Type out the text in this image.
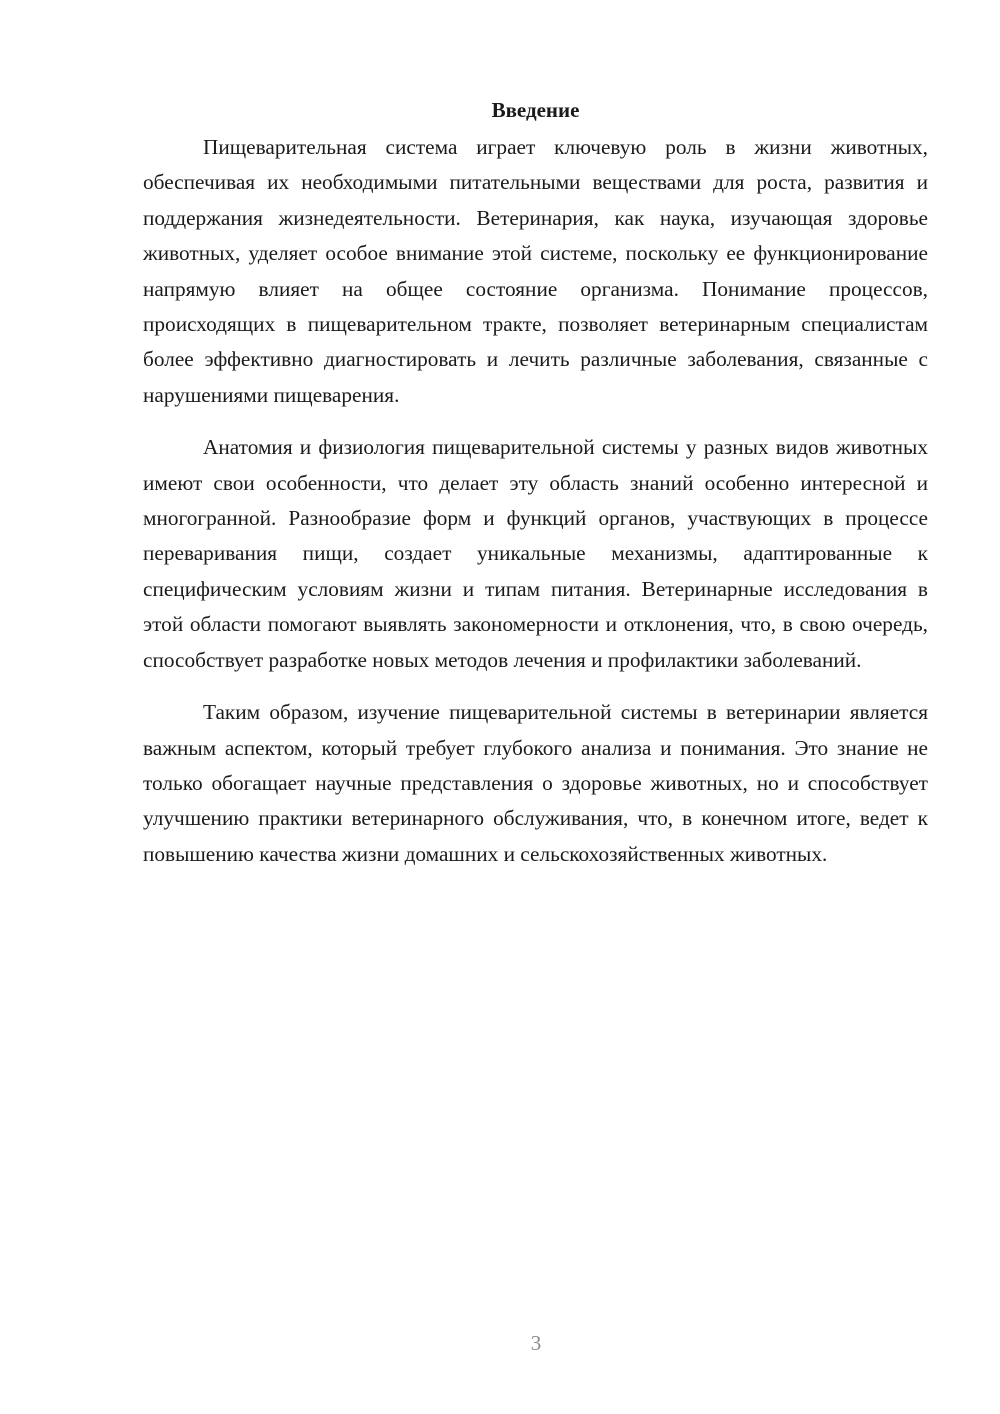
Введение

Пищеварительная система играет ключевую роль в жизни животных, обеспечивая их необходимыми питательными веществами для роста, развития и поддержания жизнедеятельности. Ветеринария, как наука, изучающая здоровье животных, уделяет особое внимание этой системе, поскольку ее функционирование напрямую влияет на общее состояние организма. Понимание процессов, происходящих в пищеварительном тракте, позволяет ветеринарным специалистам более эффективно диагностировать и лечить различные заболевания, связанные с нарушениями пищеварения.

Анатомия и физиология пищеварительной системы у разных видов животных имеют свои особенности, что делает эту область знаний особенно интересной и многогранной. Разнообразие форм и функций органов, участвующих в процессе переваривания пищи, создает уникальные механизмы, адаптированные к специфическим условиям жизни и типам питания. Ветеринарные исследования в этой области помогают выявлять закономерности и отклонения, что, в свою очередь, способствует разработке новых методов лечения и профилактики заболеваний.

Таким образом, изучение пищеварительной системы в ветеринарии является важным аспектом, который требует глубокого анализа и понимания. Это знание не только обогащает научные представления о здоровье животных, но и способствует улучшению практики ветеринарного обслуживания, что, в конечном итоге, ведет к повышению качества жизни домашних и сельскохозяйственных животных.

3
